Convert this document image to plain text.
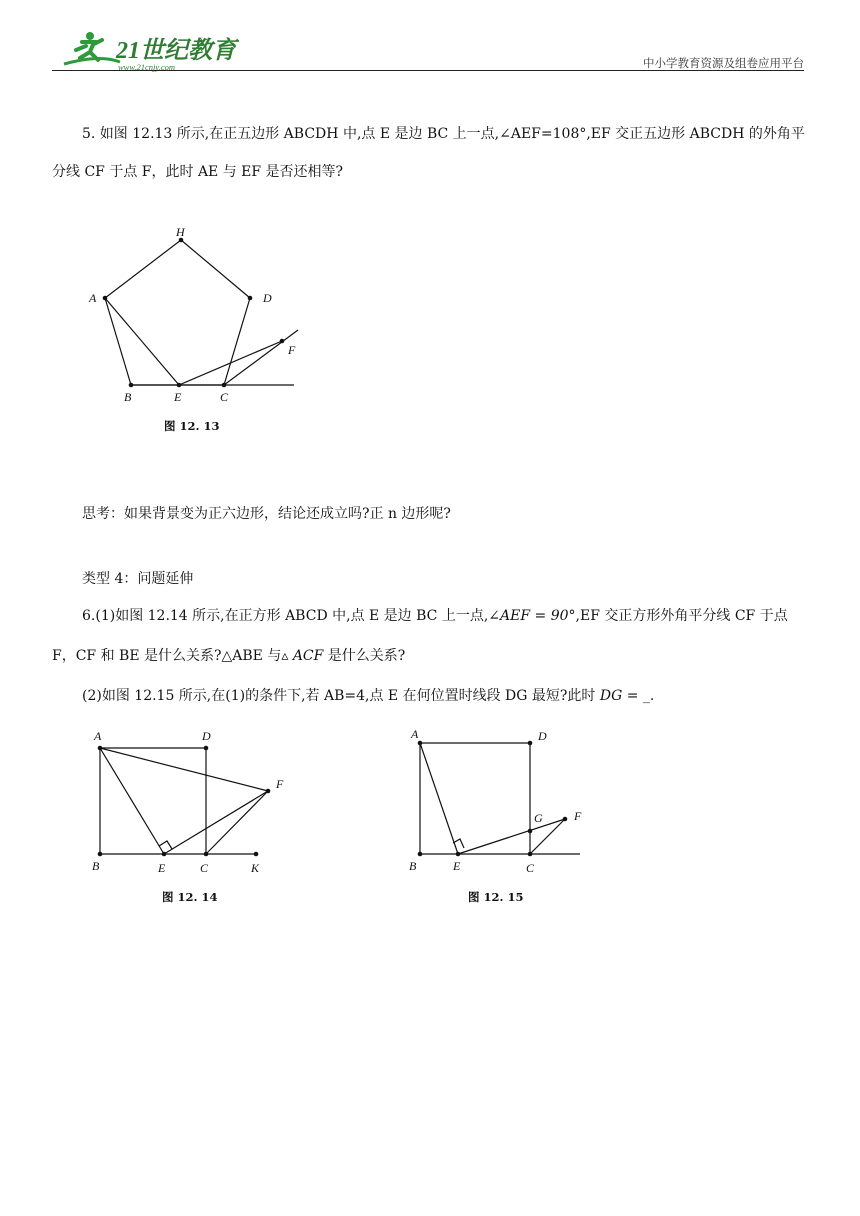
21世纪教育
www.21cnjy.com	中小学教育资源及组卷应用平台
5. 如图 12.13 所示,在正五边形 ABCDH 中,点 E 是边 BC 上一点,∠AEF=108°,EF 交正五边形 ABCDH 的外角平
分线 CF 于点 F，此时 AE 与 EF 是否还相等?
H
A	D
F
B	E	C
图 12. 13
思考：如果背景变为正六边形，结论还成立吗?正 n 边形呢?
类型 4：问题延伸
6.(1)如图 12.14 所示,在正方形 ABCD 中,点 E 是边 BC 上一点,∠AEF = 90°,EF 交正方形外角平分线 CF 于点
F，CF 和 BE 是什么关系?△ABE 与▵ ACF 是什么关系?
(2)如图 12.15 所示,在(1)的条件下,若 AB=4,点 E 在何位置时线段 DG 最短?此时 DG = _.
A	D
F
B	E	C	K
图 12. 14
A	D
G	F
B	E	C
图 12. 15
